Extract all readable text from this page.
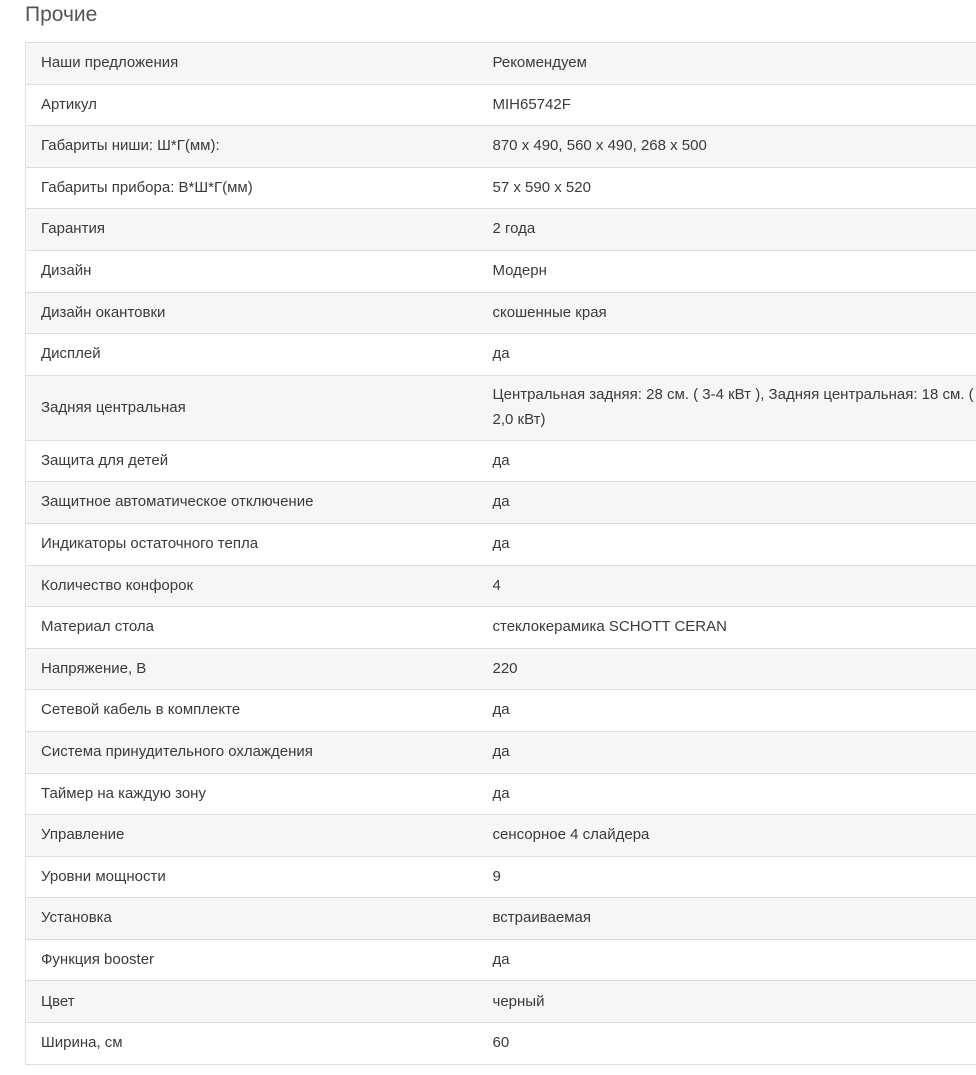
Прочие
Наши предложения	Рекомендуем
Артикул	MIH65742F
Габариты ниши: Ш*Г(мм):	870 x 490, 560 x 490, 268 x 500
Габариты прибора: В*Ш*Г(мм)	57 x 590 x 520
Гарантия	2 года
Дизайн	Модерн
Дизайн окантовки	скошенные края
Дисплей	да
Задняя центральная	Центральная задняя: 28 см. ( 3-4 кВт ), Задняя центральная: 18 см. ( 2,0 кВт)
Защита для детей	да
Защитное автоматическое отключение	да
Индикаторы остаточного тепла	да
Количество конфорок	4
Материал стола	стеклокерамика SCHOTT CERAN
Напряжение, В	220
Сетевой кабель в комплекте	да
Система принудительного охлаждения	да
Таймер на каждую зону	да
Управление	сенсорное 4 слайдера
Уровни мощности	9
Установка	встраиваемая
Функция booster	да
Цвет	черный
Ширина, см	60
